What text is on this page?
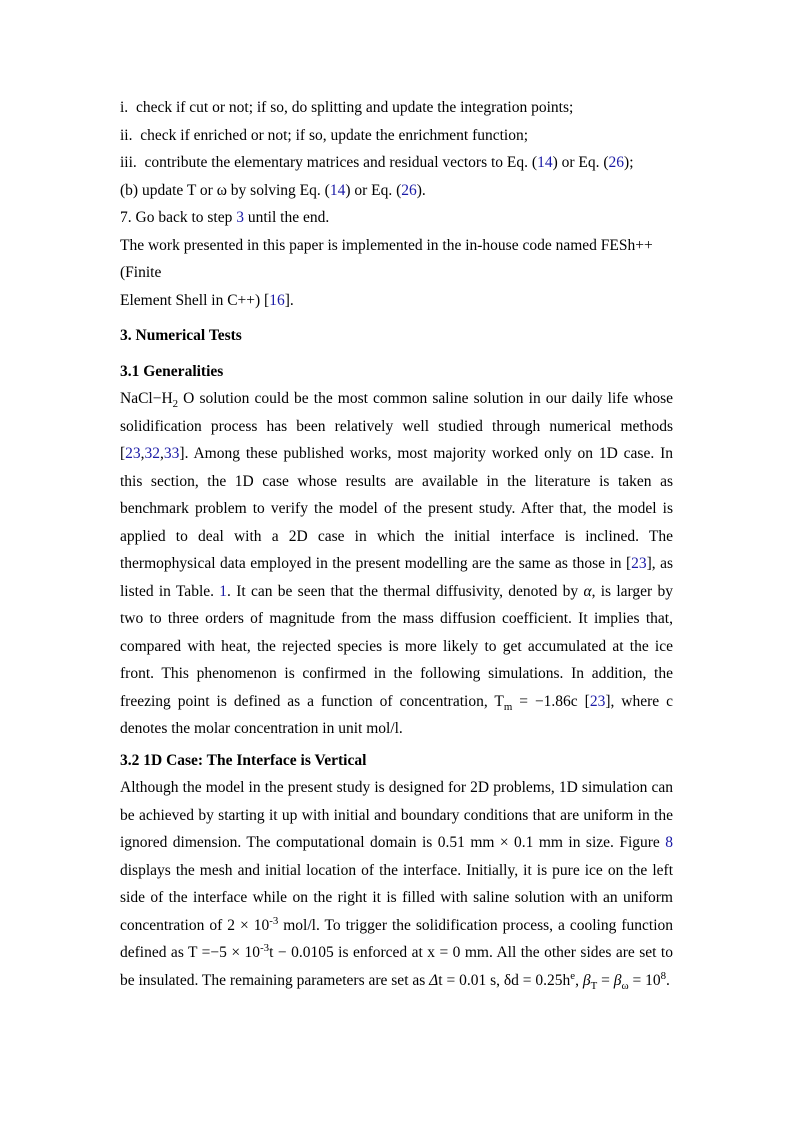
i. check if cut or not; if so, do splitting and update the integration points;
ii. check if enriched or not; if so, update the enrichment function;
iii. contribute the elementary matrices and residual vectors to Eq. (14) or Eq. (26);
(b) update T or ω by solving Eq. (14) or Eq. (26).
7. Go back to step 3 until the end.
The work presented in this paper is implemented in the in-house code named FESh++
(Finite
Element Shell in C++) [16].
3. Numerical Tests
3.1 Generalities

$NaCl-H_2$ O solution could be the most common saline solution in our daily life whose solidification process has been relatively well studied through numerical methods [23,32,33]. Among these published works, most majority worked only on 1D case. In this section, the 1D case whose results are available in the literature is taken as benchmark problem to verify the model of the present study. After that, the model is applied to deal with a 2D case in which the initial interface is inclined. The thermophysical data employed in the present modelling are the same as those in [23], as listed in Table. 1. It can be seen that the thermal diffusivity, denoted by α, is larger by two to three orders of magnitude from the mass diffusion coefficient. It implies that, compared with heat, the rejected species is more likely to get accumulated at the ice front. This phenomenon is confirmed in the following simulations. In addition, the freezing point is defined as a function of concentration, $T_m = -1.86c$ [23], where c denotes the molar concentration in unit mol/l.

3.2 1D Case: The Interface is Vertical

Although the model in the present study is designed for 2D problems, 1D simulation can be achieved by starting it up with initial and boundary conditions that are uniform in the ignored dimension. The computational domain is 0.51 mm × 0.1 mm in size. Figure 8 displays the mesh and initial location of the interface. Initially, it is pure ice on the left side of the interface while on the right it is filled with saline solution with an uniform concentration of $2 \times 10^{-3}$ mol/l. To trigger the solidification process, a cooling function defined as $T =-5 \times 10^{-3}t - 0.0105$ is enforced at x = 0 mm. All the other sides are set to be insulated. The remaining parameters are set as Δt = 0.01 s, $\delta d = 0.25h^e$, $\beta_T = \beta_\omega = 10^8$.
